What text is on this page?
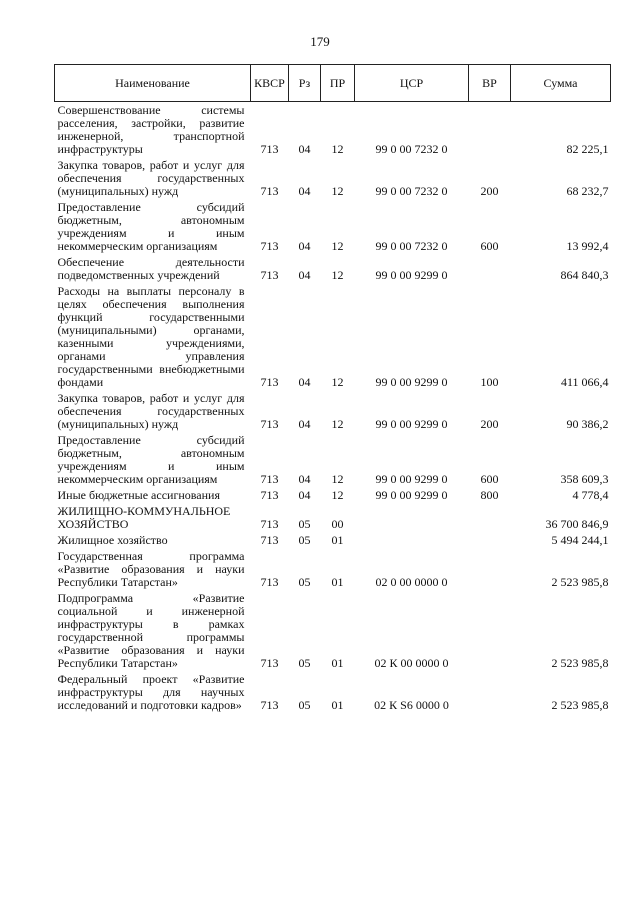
179
Наименование	КВСР	Рз	ПР	ЦСР	ВР	Сумма
Совершенствование системы расселения, застройки, развитие инженерной, транспортной инфраструктуры	713	04	12	99 0 00 7232 0		82 225,1
Закупка товаров, работ и услуг для обеспечения государственных (муниципальных) нужд	713	04	12	99 0 00 7232 0	200	68 232,7
Предоставление субсидий бюджетным, автономным учреждениям и иным некоммерческим организациям	713	04	12	99 0 00 7232 0	600	13 992,4
Обеспечение деятельности подведомственных учреждений	713	04	12	99 0 00 9299 0		864 840,3
Расходы на выплаты персоналу в целях обеспечения выполнения функций государственными (муниципальными) органами, казенными учреждениями, органами управления государственными внебюджетными фондами	713	04	12	99 0 00 9299 0	100	411 066,4
Закупка товаров, работ и услуг для обеспечения государственных (муниципальных) нужд	713	04	12	99 0 00 9299 0	200	90 386,2
Предоставление субсидий бюджетным, автономным учреждениям и иным некоммерческим организациям	713	04	12	99 0 00 9299 0	600	358 609,3
Иные бюджетные ассигнования	713	04	12	99 0 00 9299 0	800	4 778,4
ЖИЛИЩНО-КОММУНАЛЬНОЕ ХОЗЯЙСТВО	713	05	00			36 700 846,9
Жилищное хозяйство	713	05	01			5 494 244,1
Государственная программа «Развитие образования и науки Республики Татарстан»	713	05	01	02 0 00 0000 0		2 523 985,8
Подпрограмма «Развитие социальной и инженерной инфраструктуры в рамках государственной программы «Развитие образования и науки Республики Татарстан»	713	05	01	02 К 00 0000 0		2 523 985,8
Федеральный проект «Развитие инфраструктуры для научных исследований и подготовки кадров»	713	05	01	02 К S6 0000 0		2 523 985,8
